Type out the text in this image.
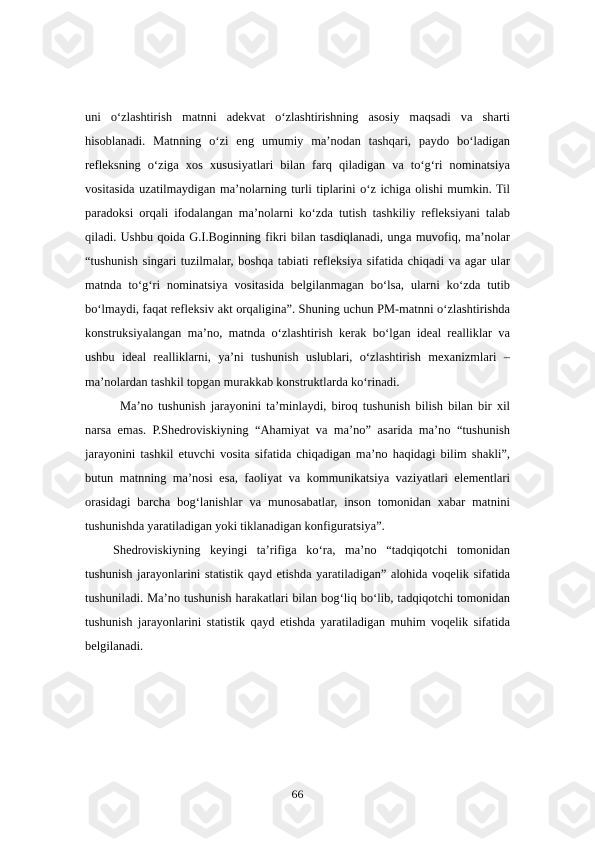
uni o‘zlashtirish matnni adekvat o‘zlashtirishning asosiy maqsadi va sharti hisoblanadi. Matnning o‘zi eng umumiy ma’nodan tashqari, paydo bo‘ladigan refleksning o‘ziga xos xususiyatlari bilan farq qiladigan va to‘g‘ri nominatsiya vositasida uzatilmaydigan ma’nolarning turli tiplarini o‘z ichiga olishi mumkin. Til paradoksi orqali ifodalangan ma’nolarni ko‘zda tutish tashkiliy refleksiyani talab qiladi. Ushbu qoida G.I.Boginning fikri bilan tasdiqlanadi, unga muvofiq, ma’nolar “tushunish singari tuzilmalar, boshqa tabiati refleksiya sifatida chiqadi va agar ular matnda to‘g‘ri nominatsiya vositasida belgilanmagan bo‘lsa, ularni ko‘zda tutib bo‘lmaydi, faqat refleksiv akt orqaligina”. Shuning uchun PM-matnni o‘zlashtirishda konstruksiyalangan ma’no, matnda o‘zlashtirish kerak bo‘lgan ideal realliklar va ushbu ideal realliklarni, ya’ni tushunish uslublari, o‘zlashtirish mexanizmlari – ma’nolardan tashkil topgan murakkab konstruktlarda ko‘rinadi.

Ma’no tushunish jarayonini ta’minlaydi, biroq tushunish bilish bilan bir xil narsa emas. P.Shedroviskiyning “Ahamiyat va ma’no” asarida ma’no “tushunish jarayonini tashkil etuvchi vosita sifatida chiqadigan ma’no haqidagi bilim shakli”, butun matnning ma’nosi esa, faoliyat va kommunikatsiya vaziyatlari elementlari orasidagi barcha bog‘lanishlar va munosabatlar, inson tomonidan xabar matnini tushunishda yaratiladigan yoki tiklanadigan konfiguratsiya”.

Shedroviskiyning keyingi ta’rifiga ko‘ra, ma’no “tadqiqotchi tomonidan tushunish jarayonlarini statistik qayd etishda yaratiladigan” alohida voqelik sifatida tushuniladi. Ma’no tushunish harakatlari bilan bog‘liq bo‘lib, tadqiqotchi tomonidan tushunish jarayonlarini statistik qayd etishda yaratiladigan muhim voqelik sifatida belgilanadi.

66
